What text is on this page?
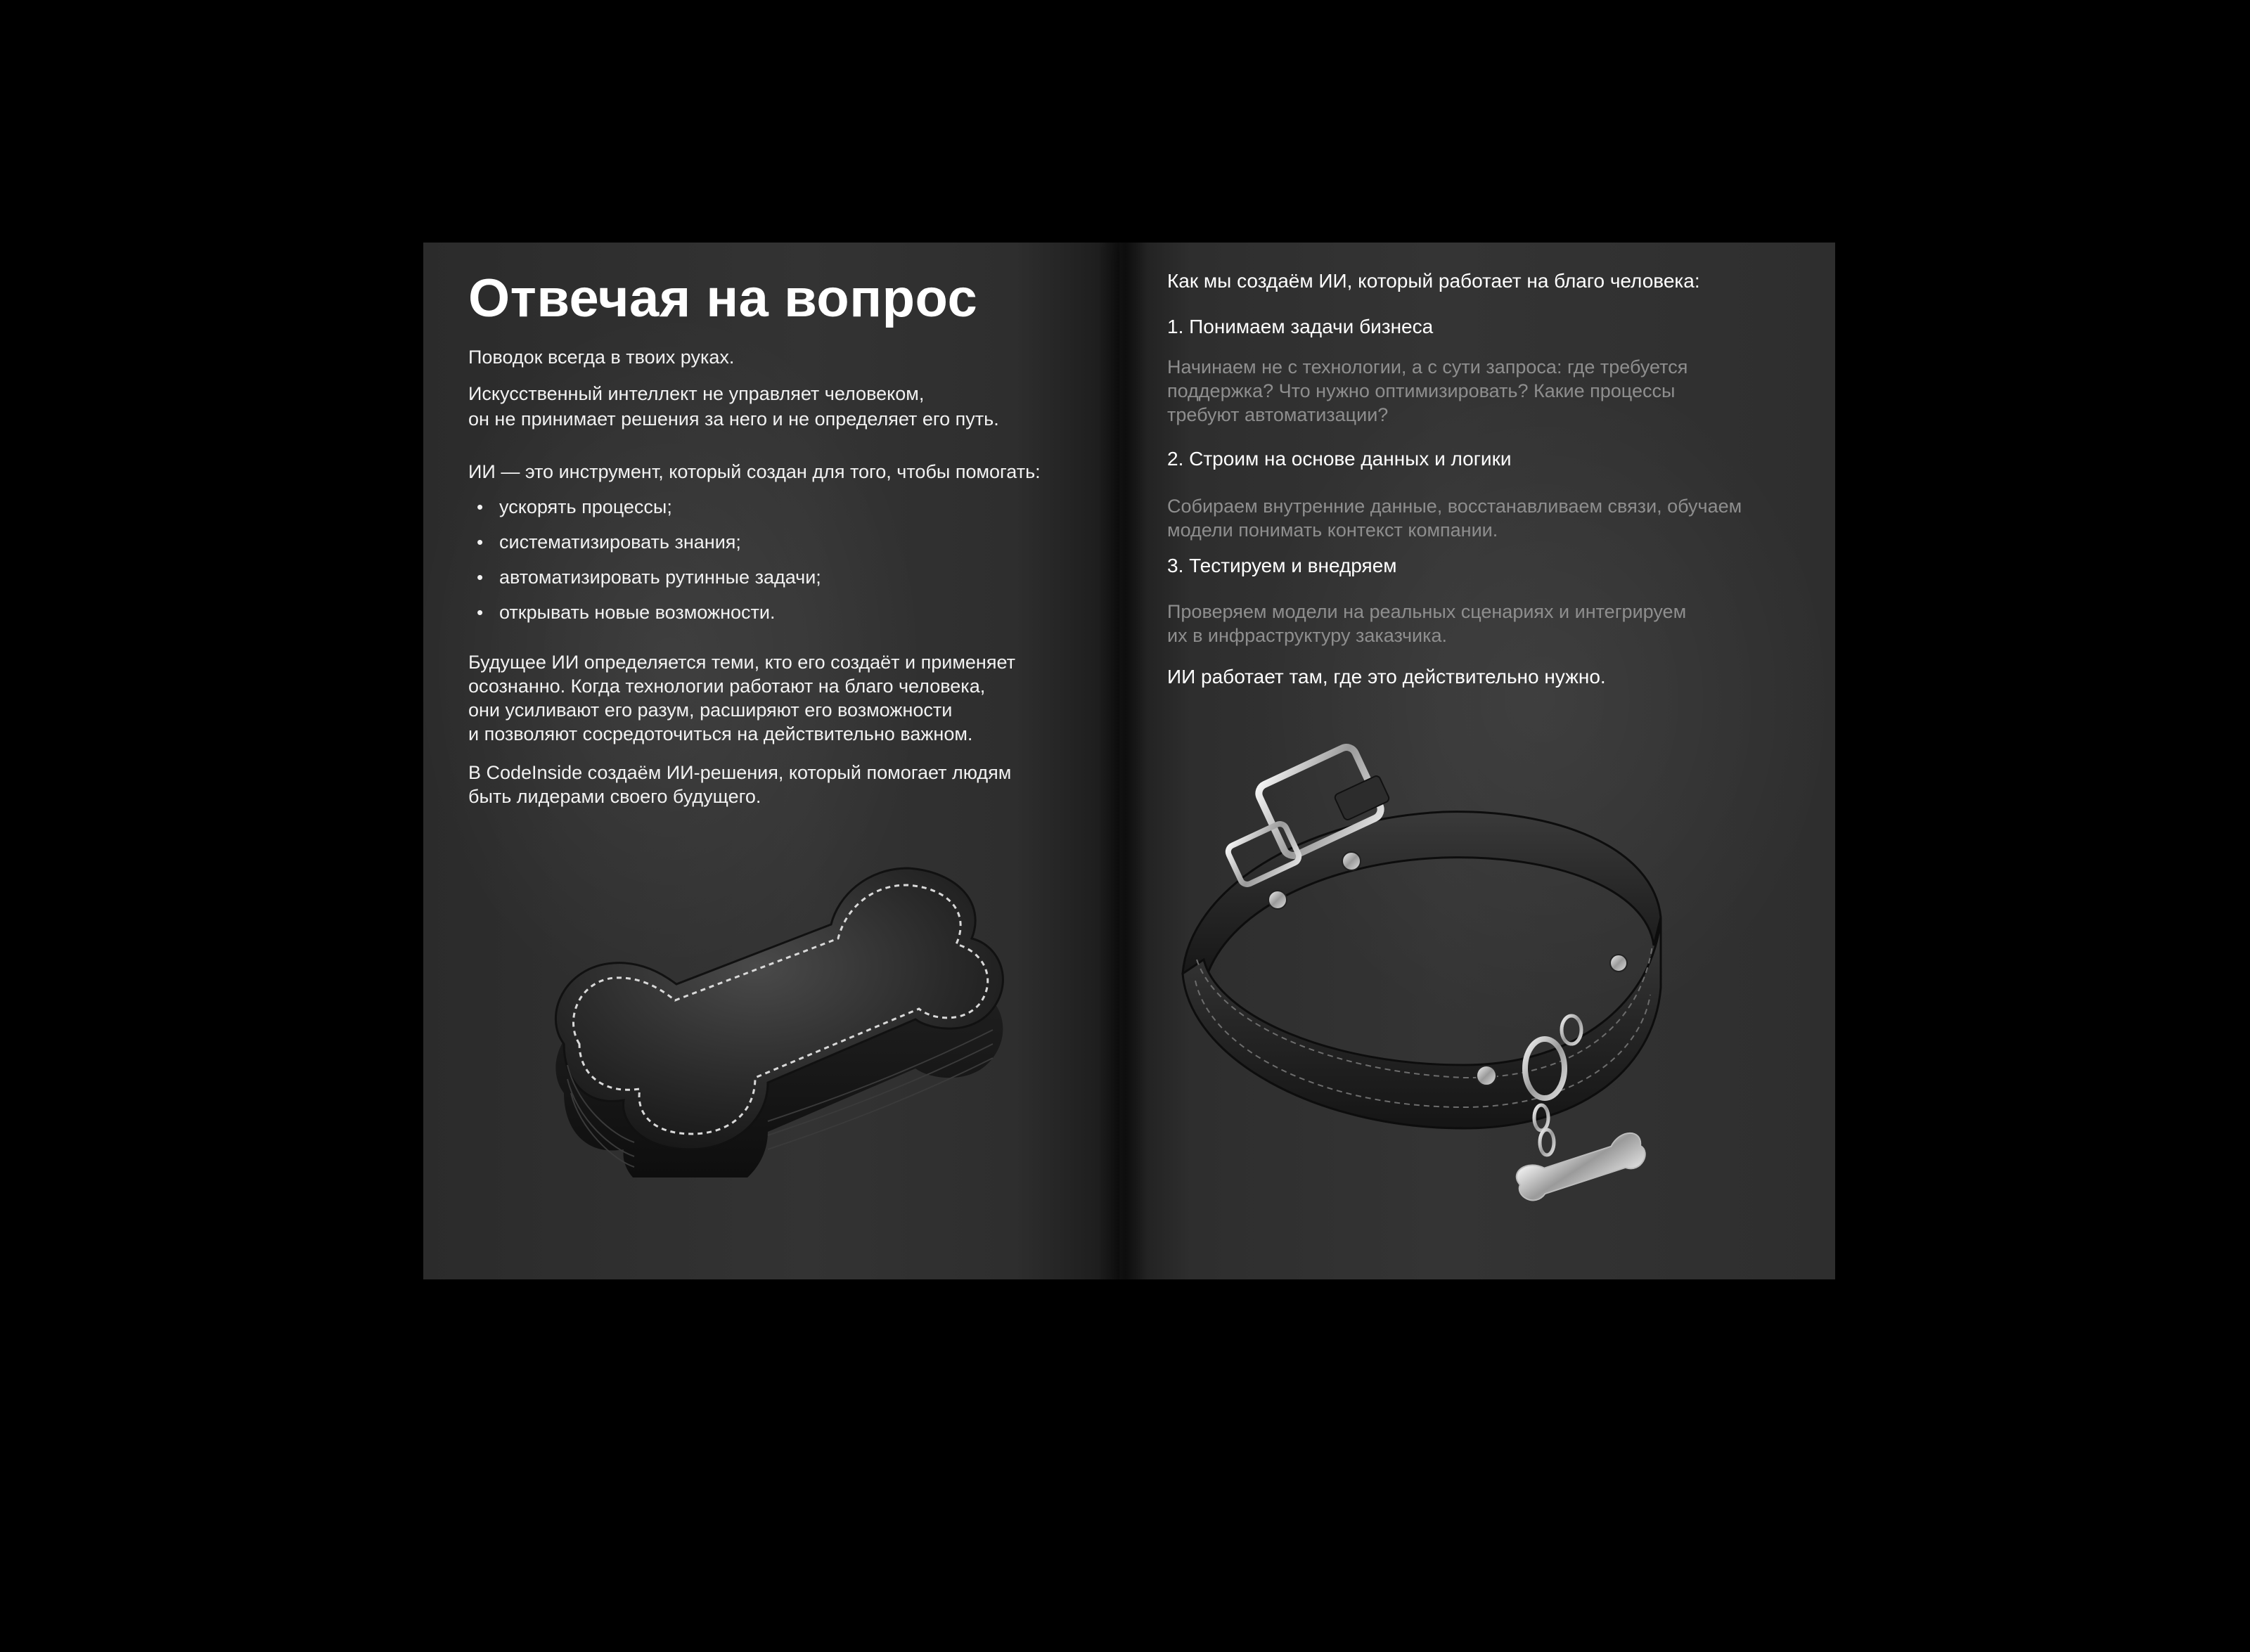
Отвечая на вопрос

Поводок всегда в твоих руках.

Искусственный интеллект не управляет человеком,
он не принимает решения за него и не определяет его путь.

ИИ — это инструмент, который создан для того, чтобы помогать:

• ускорять процессы;
• систематизировать знания;
• автоматизировать рутинные задачи;
• открывать новые возможности.

Будущее ИИ определяется теми, кто его создаёт и применяет
осознанно. Когда технологии работают на благо человека,
они усиливают его разум, расширяют его возможности
и позволяют сосредоточиться на действительно важном.

В CodeInside создаём ИИ-решения, который помогает людям
быть лидерами своего будущего.

Как мы создаём ИИ, который работает на благо человека:

1. Понимаем задачи бизнеса

Начинаем не с технологии, а с сути запроса: где требуется
поддержка? Что нужно оптимизировать? Какие процессы
требуют автоматизации?

2. Строим на основе данных и логики

Собираем внутренние данные, восстанавливаем связи, обучаем
модели понимать контекст компании.

3. Тестируем и внедряем

Проверяем модели на реальных сценариях и интегрируем
их в инфраструктуру заказчика.

ИИ работает там, где это действительно нужно.
